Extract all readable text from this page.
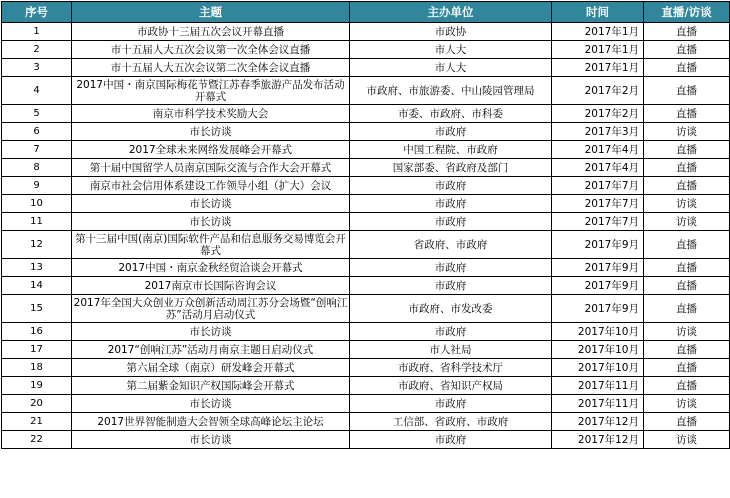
序号	主题	主办单位	时间	直播/访谈
1	市政协十三届五次会议开幕直播	市政协	2017年1月	直播
2	市十五届人大五次会议第一次全体会议直播	市人大	2017年1月	直播
3	市十五届人大五次会议第二次全体会议直播	市人大	2017年1月	直播
4	2017中国・南京国际梅花节暨江苏春季旅游产品发布活动开幕式	市政府、市旅游委、中山陵园管理局	2017年2月	直播
5	南京市科学技术奖励大会	市委、市政府、市科委	2017年2月	直播
6	市长访谈	市政府	2017年3月	访谈
7	2017全球未来网络发展峰会开幕式	中国工程院、市政府	2017年4月	直播
8	第十届中国留学人员南京国际交流与合作大会开幕式	国家部委、省政府及部门	2017年4月	直播
9	南京市社会信用体系建设工作领导小组（扩大）会议	市政府	2017年7月	直播
10	市长访谈	市政府	2017年7月	访谈
11	市长访谈	市政府	2017年7月	访谈
12	第十三届中国(南京)国际软件产品和信息服务交易博览会开幕式	省政府、市政府	2017年9月	直播
13	2017中国・南京金秋经贸洽谈会开幕式	市政府	2017年9月	直播
14	2017南京市长国际咨询会议	市政府	2017年9月	直播
15	2017年全国大众创业万众创新活动周江苏分会场暨“创响江苏”活动月启动仪式	市政府、市发改委	2017年9月	直播
16	市长访谈	市政府	2017年10月	访谈
17	2017“创响江苏”活动月南京主题日启动仪式	市人社局	2017年10月	直播
18	第六届全球（南京）研发峰会开幕式	市政府、省科学技术厅	2017年10月	直播
19	第二届紫金知识产权国际峰会开幕式	市政府、省知识产权局	2017年11月	直播
20	市长访谈	市政府	2017年11月	访谈
21	2017世界智能制造大会智领全球高峰论坛主论坛	工信部、省政府、市政府	2017年12月	直播
22	市长访谈	市政府	2017年12月	访谈
